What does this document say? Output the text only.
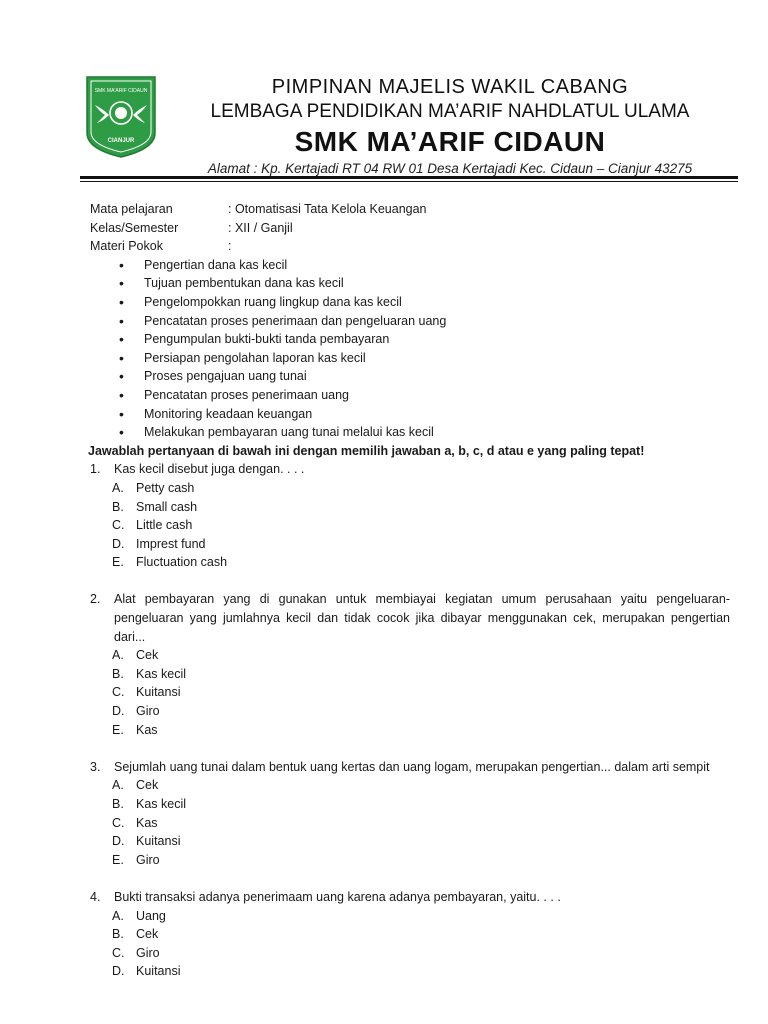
SMK MA'ARIF CIDAUN
CIANJUR
PIMPINAN MAJELIS WAKIL CABANG
LEMBAGA PENDIDIKAN MA’ARIF NAHDLATUL ULAMA
SMK MA’ARIF CIDAUN
Alamat : Kp. Kertajadi RT 04 RW 01 Desa Kertajadi Kec. Cidaun – Cianjur 43275
Mata pelajaran	: Otomatisasi Tata Kelola Keuangan
Kelas/Semester	: XII / Ganjil
Materi Pokok	:
• Pengertian dana kas kecil
• Tujuan pembentukan dana kas kecil
• Pengelompokkan ruang lingkup dana kas kecil
• Pencatatan proses penerimaan dan pengeluaran uang
• Pengumpulan bukti-bukti tanda pembayaran
• Persiapan pengolahan laporan kas kecil
• Proses pengajuan uang tunai
• Pencatatan proses penerimaan uang
• Monitoring keadaan keuangan
• Melakukan pembayaran uang tunai melalui kas kecil
Jawablah pertanyaan di bawah ini dengan memilih jawaban a, b, c, d atau e yang paling tepat!
1.	Kas kecil disebut juga dengan. . . .
A. Petty cash
B. Small cash
C. Little cash
D. Imprest fund
E. Fluctuation cash
2.	Alat pembayaran yang di gunakan untuk membiayai kegiatan umum perusahaan yaitu pengeluaran-pengeluaran yang jumlahnya kecil dan tidak cocok jika dibayar menggunakan cek, merupakan pengertian dari...
A. Cek
B. Kas kecil
C. Kuitansi
D. Giro
E. Kas
3.	Sejumlah uang tunai dalam bentuk uang kertas dan uang logam, merupakan pengertian... dalam arti sempit
A. Cek
B. Kas kecil
C. Kas
D. Kuitansi
E. Giro
4.	Bukti transaksi adanya penerimaam uang karena adanya pembayaran, yaitu. . . .
A. Uang
B. Cek
C. Giro
D. Kuitansi
